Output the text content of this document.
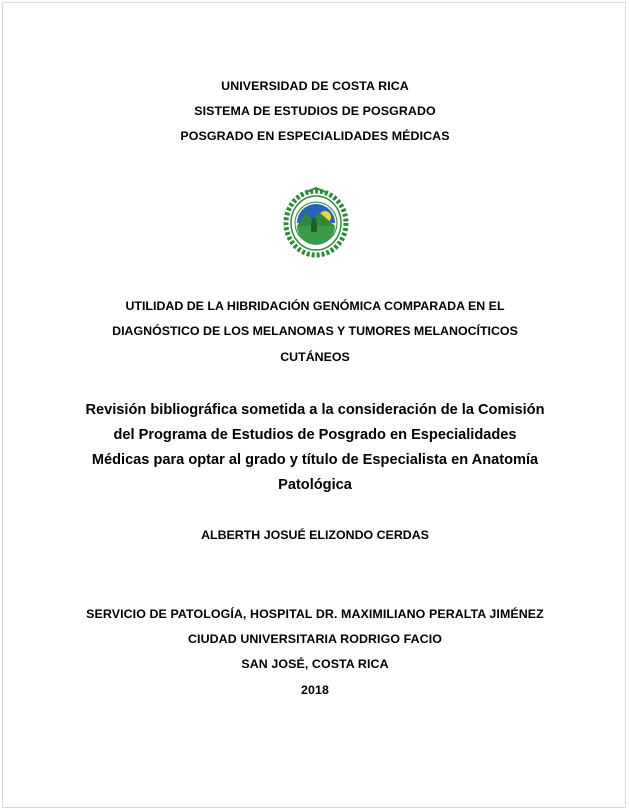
UNIVERSIDAD DE COSTA RICA
SISTEMA DE ESTUDIOS DE POSGRADO
POSGRADO EN ESPECIALIDADES MÉDICAS
UTILIDAD DE LA HIBRIDACIÓN GENÓMICA COMPARADA EN EL
DIAGNÓSTICO DE LOS MELANOMAS Y TUMORES MELANOCÍTICOS
CUTÁNEOS
Revisión bibliográfica sometida a la consideración de la Comisión
del Programa de Estudios de Posgrado en Especialidades
Médicas para optar al grado y título de Especialista en Anatomía
Patológica
ALBERTH JOSUÉ ELIZONDO CERDAS
SERVICIO DE PATOLOGÍA, HOSPITAL DR. MAXIMILIANO PERALTA JIMÉNEZ
CIUDAD UNIVERSITARIA RODRIGO FACIO
SAN JOSÉ, COSTA RICA
2018
